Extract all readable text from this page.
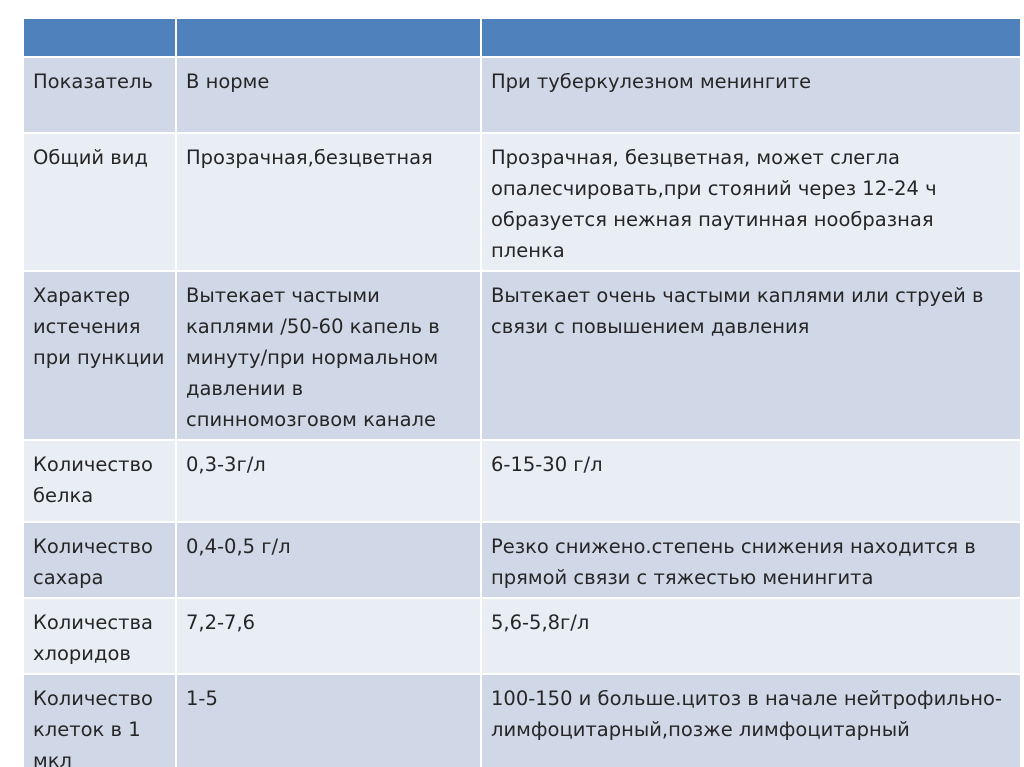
Показатель	В норме	При туберкулезном менингите
Общий вид	Прозрачная,безцветная	Прозрачная, безцветная, может слегла опалесчировать,при стояний через 12-24 ч образуется нежная паутинная нообразная пленка
Характер истечения при пункции	Вытекает частыми каплями /50-60 капель в минуту/при нормальном давлении в спинномозговом канале	Вытекает очень частыми каплями или струей в связи с повышением давления
Количество белка	0,3-3г/л	6-15-30 г/л
Количество сахара	0,4-0,5 г/л	Резко снижено.степень снижения находится в прямой связи с тяжестью менингита
Количества хлоридов	7,2-7,6	5,6-5,8г/л
Количество клеток в 1 мкл	1-5	100-150 и больше.цитоз в начале нейтрофильно-лимфоцитарный,позже лимфоцитарный
